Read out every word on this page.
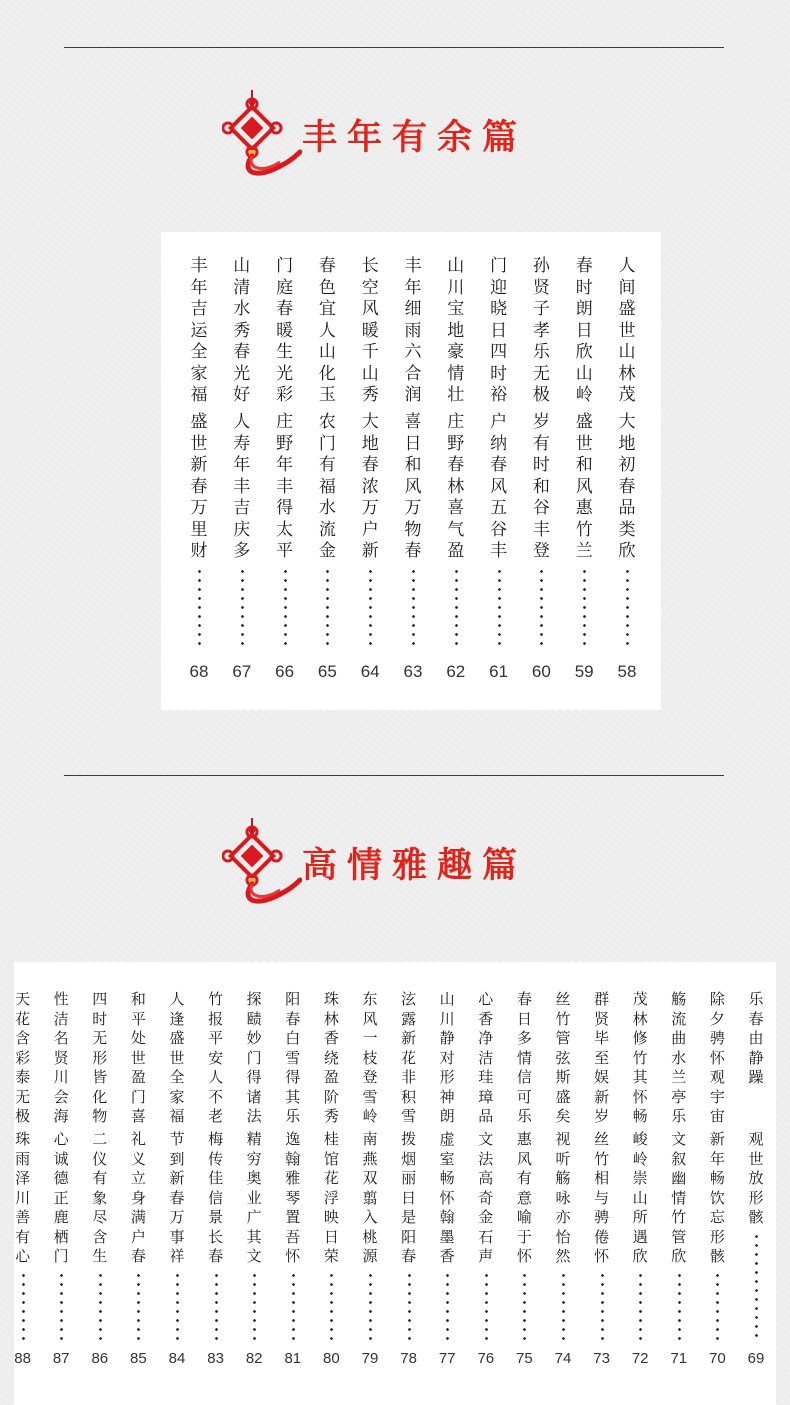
丰年有余篇
人
间
盛
世
山
林
茂
大
地
初
春
品
类
欣
58
春
时
朗
日
欣
山
岭
盛
世
和
风
惠
竹
兰
59
孙
贤
子
孝
乐
无
极
岁
有
时
和
谷
丰
登
60
门
迎
晓
日
四
时
裕
户
纳
春
风
五
谷
丰
61
山
川
宝
地
豪
情
壮
庄
野
春
林
喜
气
盈
62
丰
年
细
雨
六
合
润
喜
日
和
风
万
物
春
63
长
空
风
暖
千
山
秀
大
地
春
浓
万
户
新
64
春
色
宜
人
山
化
玉
农
门
有
福
水
流
金
65
门
庭
春
暖
生
光
彩
庄
野
年
丰
得
太
平
66
山
清
水
秀
春
光
好
人
寿
年
丰
吉
庆
多
67
丰
年
吉
运
全
家
福
盛
世
新
春
万
里
财
68
高情雅趣篇
乐
春
由
静
躁
观
世
放
形
骸
69
除
夕
骋
怀
观
宇
宙
新
年
畅
饮
忘
形
骸
70
觞
流
曲
水
兰
亭
乐
文
叙
幽
情
竹
管
欣
71
茂
林
修
竹
其
怀
畅
峻
岭
崇
山
所
遇
欣
72
群
贤
毕
至
娱
新
岁
丝
竹
相
与
骋
倦
怀
73
丝
竹
管
弦
斯
盛
矣
视
听
觞
咏
亦
怡
然
74
春
日
多
情
信
可
乐
惠
风
有
意
喻
于
怀
75
心
香
净
洁
珪
璋
品
文
法
高
奇
金
石
声
76
山
川
静
对
形
神
朗
虚
室
畅
怀
翰
墨
香
77
泫
露
新
花
非
积
雪
拨
烟
丽
日
是
阳
春
78
东
风
一
枝
登
雪
岭
南
燕
双
翦
入
桃
源
79
珠
林
香
绕
盈
阶
秀
桂
馆
花
浮
映
日
荣
80
阳
春
白
雪
得
其
乐
逸
翰
雅
琴
置
吾
怀
81
探
赜
妙
门
得
诸
法
精
穷
奥
业
广
其
文
82
竹
报
平
安
人
不
老
梅
传
佳
信
景
长
春
83
人
逢
盛
世
全
家
福
节
到
新
春
万
事
祥
84
和
平
处
世
盈
门
喜
礼
义
立
身
满
户
春
85
四
时
无
形
皆
化
物
二
仪
有
象
尽
含
生
86
性
洁
名
贤
川
会
海
心
诚
德
正
鹿
栖
门
87
天
花
含
彩
泰
无
极
珠
雨
泽
川
善
有
心
88
